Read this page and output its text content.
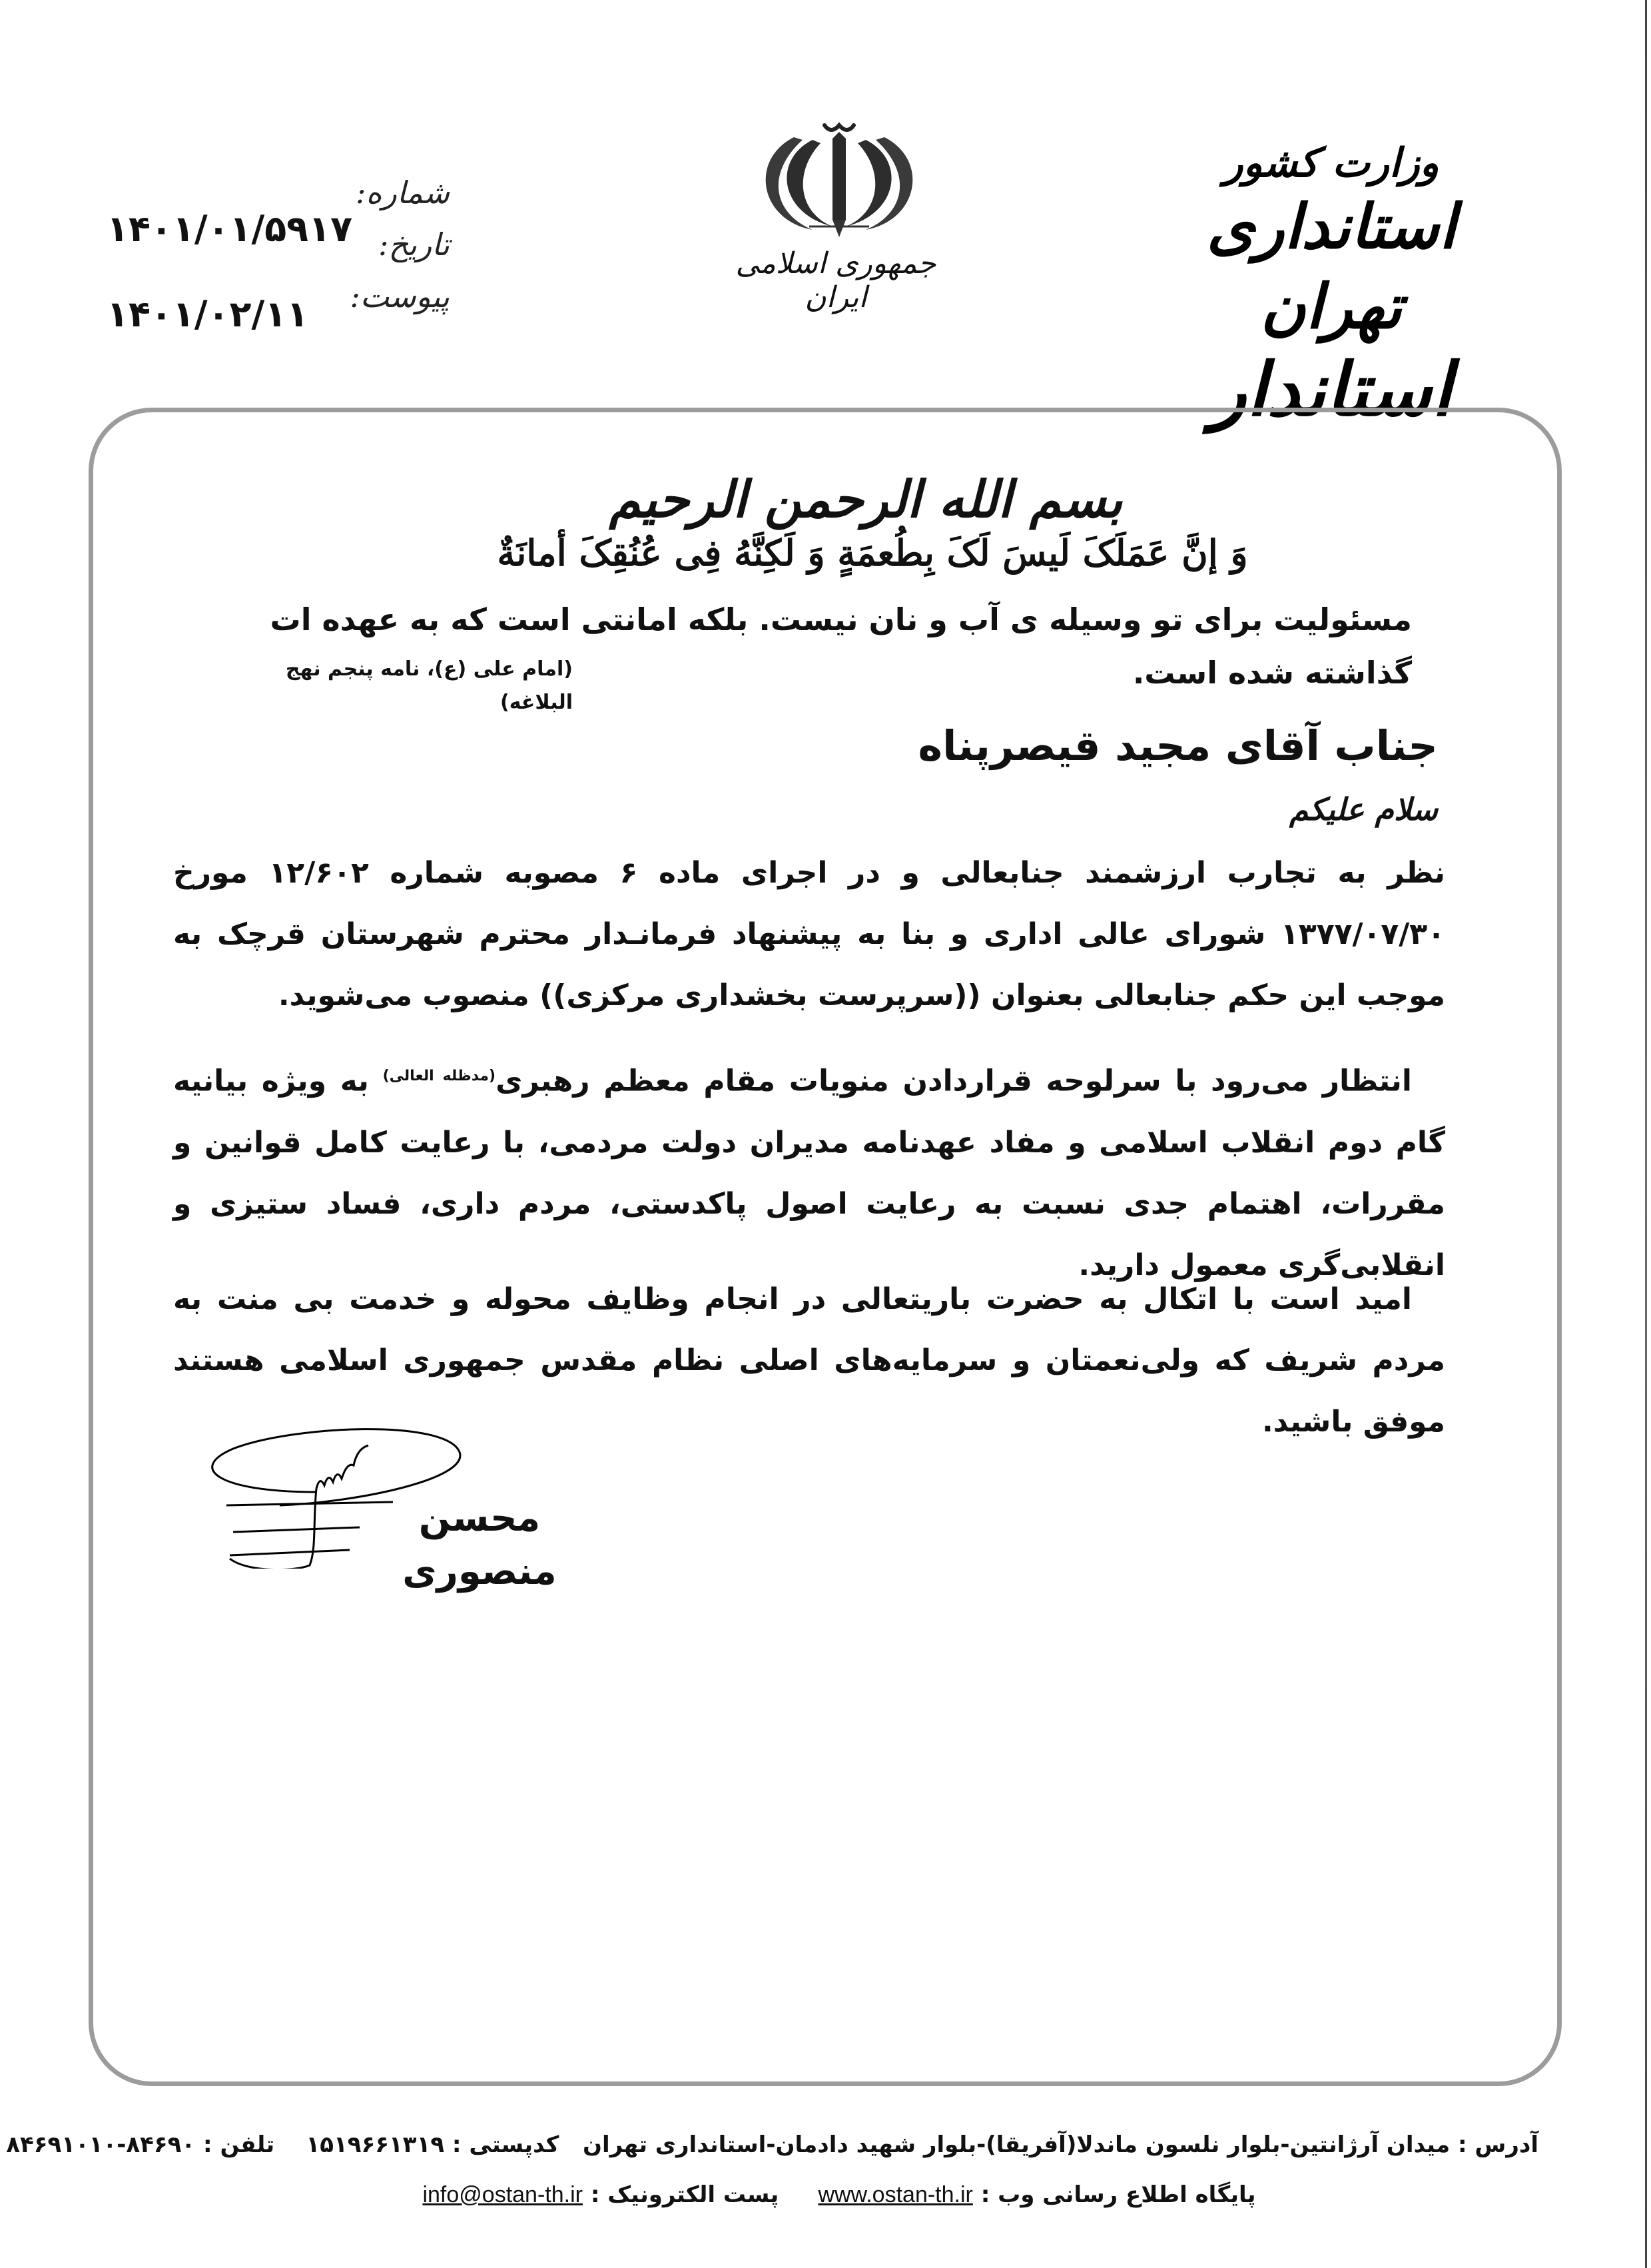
وزارت کشور
استانداری تهران
استاندار
جمهوری اسلامی ایران
شماره:
تاریخ:
پیوست:
۱۴۰۱/۰۱/۵۹۱۷
۱۴۰۱/۰۲/۱۱
بسم الله الرحمن الرحیم
وَ إنَّ عَمَلَکَ لَیسَ لَکَ بِطُعمَةٍ وَ لَکِنَّهُ فِی عُنُقِکَ أمانَةٌ
مسئولیت برای تو وسیله ی آب و نان نیست. بلکه امانتی است که به عهده ات گذاشته شده است.
(امام علی (ع)، نامه پنجم نهج البلاغه)
جناب آقای مجید قیصرپناه
سلام علیکم
نظر به تجارب ارزشمند جنابعالی و در اجرای ماده ۶ مصوبه شماره ۱۲/۶۰۲ مورخ ۱۳۷۷/۰۷/۳۰ شورای عالی اداری و بنا به پیشنهاد فرمانـدار محترم شهرستان قرچک به موجب این حکم جنابعالی بعنوان ((سرپرست بخشداری مرکزی)) منصوب می‌شوید.
انتظار می‌رود با سرلوحه قراردادن منویات مقام معظم رهبری$^{(مدظله العالی)}$ به ویژه بیانیه گام دوم انقلاب اسلامی و مفاد عهدنامه مدیران دولت مردمی، با رعایت کامل قوانین و مقررات، اهتمام جدی نسبت به رعایت اصول پاکدستی، مردم داری، فساد ستیزی و انقلابی‌گری معمول دارید.
امید است با اتکال به حضرت باریتعالی در انجام وظایف محوله و خدمت بی منت به مردم شریف که ولی‌نعمتان و سرمایه‌های اصلی نظام مقدس جمهوری اسلامی هستند موفق باشید.
محسن منصوری
آدرس : میدان آرژانتین-بلوار نلسون ماندلا(آفریقا)-بلوار شهید دادمان-استانداری تهران   کدپستی : ۱۵۱۹۶۶۱۳۱۹    تلفن : ۸۴۶۹۰-۸۴۶۹۱۰۱۰
پایگاه اطلاع رسانی وب : www.ostan-th.ir     پست الکترونیک : info@ostan-th.ir
